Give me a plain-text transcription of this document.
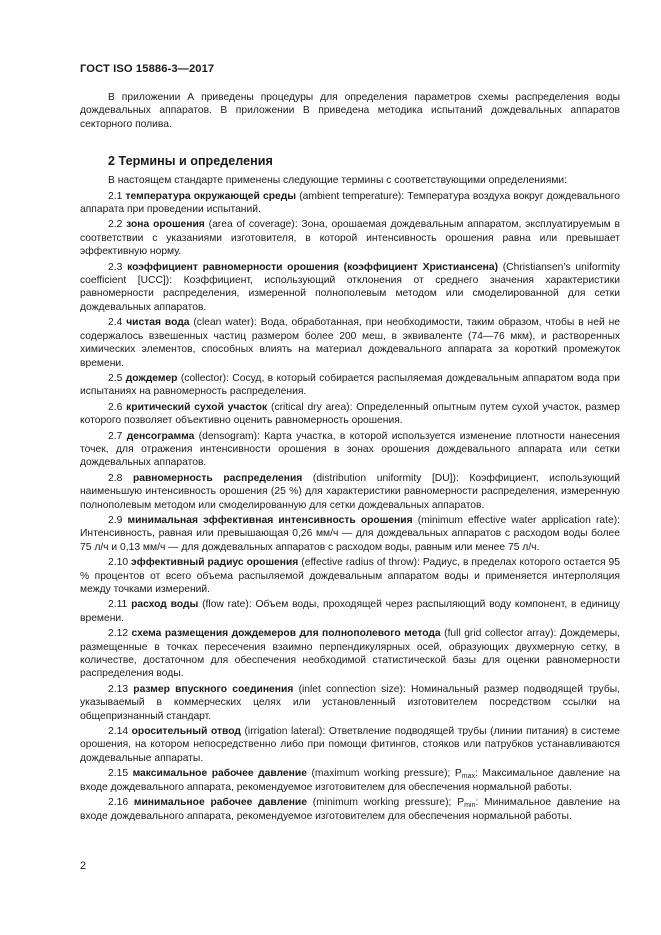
ГОСТ ISO 15886-3—2017

В приложении А приведены процедуры для определения параметров схемы распределения воды дождевальных аппаратов. В приложении В приведена методика испытаний дождевальных аппаратов секторного полива.

2 Термины и определения

В настоящем стандарте применены следующие термины с соответствующими определениями:

2.1 температура окружающей среды (ambient temperature): Температура воздуха вокруг дождевального аппарата при проведении испытаний.

2.2 зона орошения (area of coverage): Зона, орошаемая дождевальным аппаратом, эксплуатируемым в соответствии с указаниями изготовителя, в которой интенсивность орошения равна или превышает эффективную норму.

2.3 коэффициент равномерности орошения (коэффициент Христиансена) (Christiansen’s uniformity coefficient [UCC]): Коэффициент, использующий отклонения от среднего значения характеристики равномерности распределения, измеренной полнополевым методом или смоделированной для сетки дождевальных аппаратов.

2.4 чистая вода (clean water): Вода, обработанная, при необходимости, таким образом, чтобы в ней не содержалось взвешенных частиц размером более 200 меш, в эквиваленте (74—76 мкм), и растворенных химических элементов, способных влиять на материал дождевального аппарата за короткий промежуток времени.

2.5 дождемер (collector): Сосуд, в который собирается распыляемая дождевальным аппаратом вода при испытаниях на равномерность распределения.

2.6 критический сухой участок (critical dry area): Определенный опытным путем сухой участок, размер которого позволяет объективно оценить равномерность орошения.

2.7 денсограмма (densogram): Карта участка, в которой используется изменение плотности нанесения точек, для отражения интенсивности орошения в зонах орошения дождевального аппарата или сетки дождевальных аппаратов.

2.8 равномерность распределения (distribution uniformity [DU]): Коэффициент, использующий наименьшую интенсивность орошения (25 %) для характеристики равномерности распределения, измеренную полнополевым методом или смоделированную для сетки дождевальных аппаратов.

2.9 минимальная эффективная интенсивность орошения (minimum effective water application rate): Интенсивность, равная или превышающая 0,26 мм/ч — для дождевальных аппаратов с расходом воды более 75 л/ч и 0,13 мм/ч — для дождевальных аппаратов с расходом воды, равным или менее 75 л/ч.

2.10 эффективный радиус орошения (effective radius of throw): Радиус, в пределах которого остается 95 % процентов от всего объема распыляемой дождевальным аппаратом воды и применяется интерполяция между точками измерений.

2.11 расход воды (flow rate): Объем воды, проходящей через распыляющий воду компонент, в единицу времени.

2.12 схема размещения дождемеров для полнополевого метода (full grid collector array): Дождемеры, размещенные в точках пересечения взаимно перпендикулярных осей, образующих двухмерную сетку, в количестве, достаточном для обеспечения необходимой статистической базы для оценки равномерности распределения воды.

2.13 размер впускного соединения (inlet connection size): Номинальный размер подводящей трубы, указываемый в коммерческих целях или установленный изготовителем посредством ссылки на общепризнанный стандарт.

2.14 оросительный отвод (irrigation lateral): Ответвление подводящей трубы (линии питания) в системе орошения, на котором непосредственно либо при помощи фитингов, стояков или патрубков устанавливаются дождевальные аппараты.

2.15 максимальное рабочее давление (maximum working pressure); $P_{max}$: Максимальное давление на входе дождевального аппарата, рекомендуемое изготовителем для обеспечения нормальной работы.

2.16 минимальное рабочее давление (minimum working pressure); $P_{min}$: Минимальное давление на входе дождевального аппарата, рекомендуемое изготовителем для обеспечения нормальной работы.

2
